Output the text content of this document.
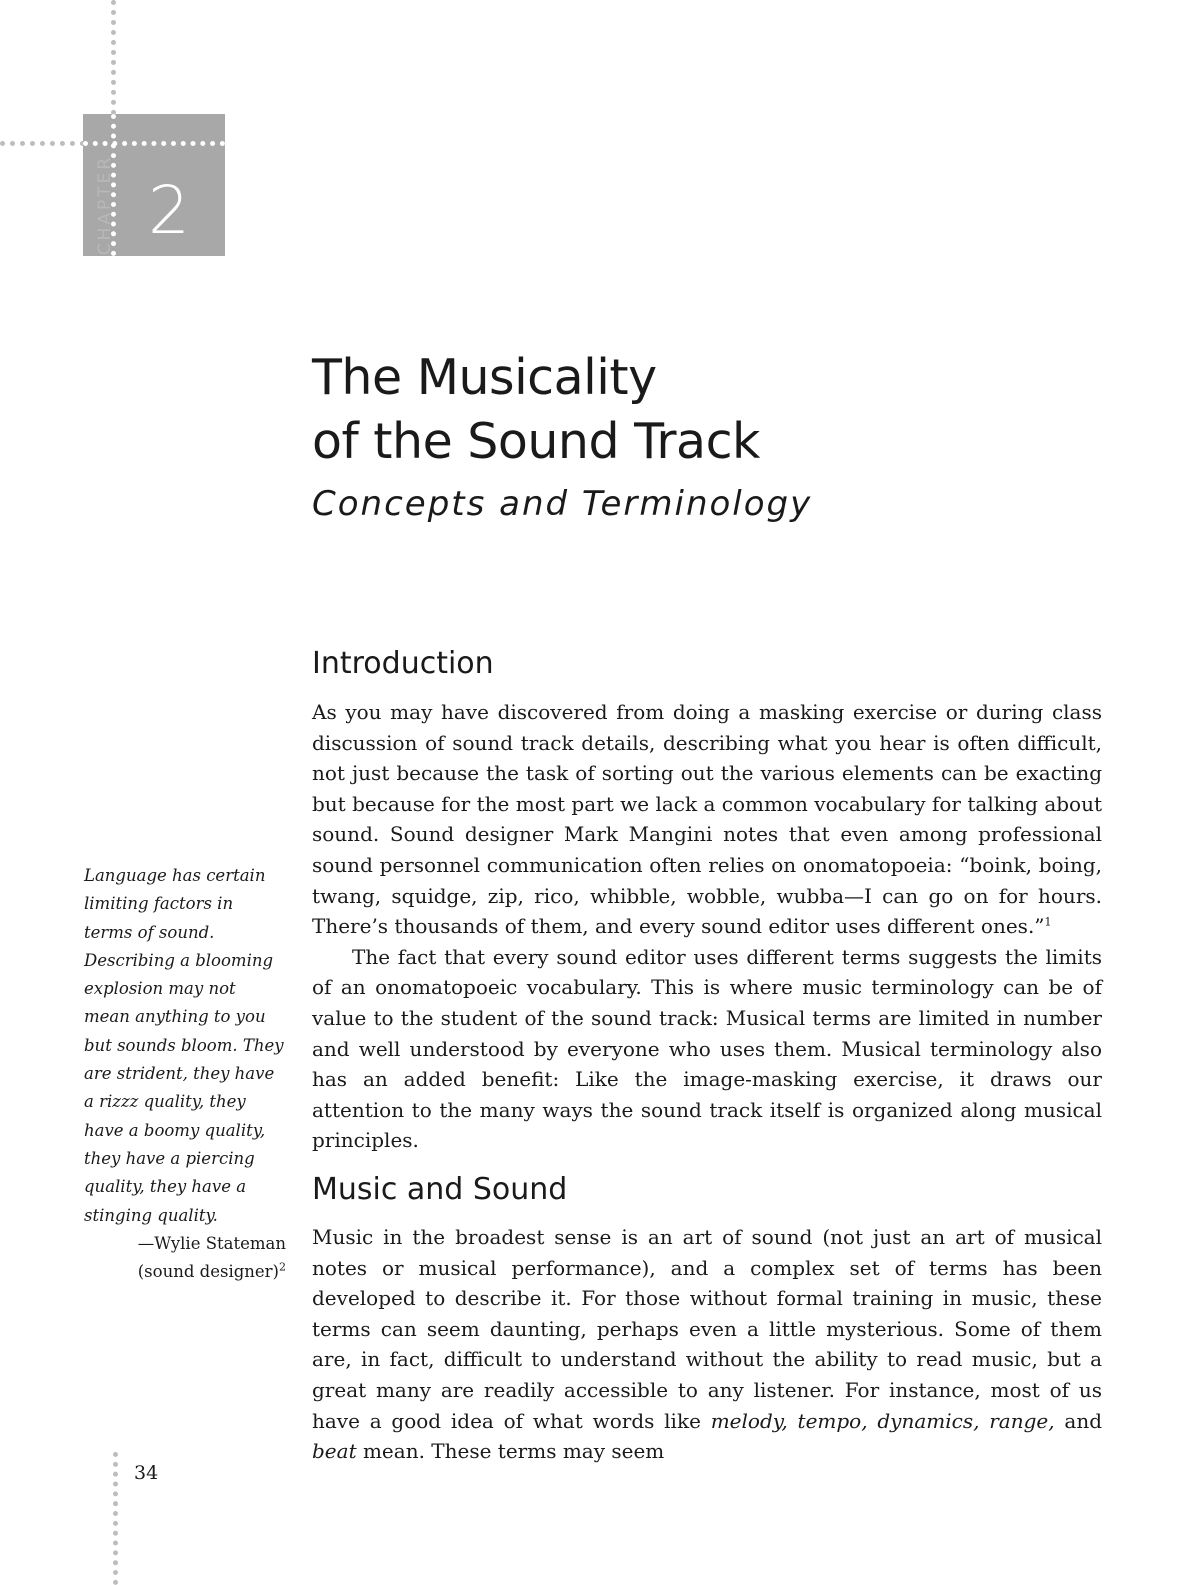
2
CHAPTER
The Musicality
of the Sound Track
Concepts and Terminology
Introduction

As you may have discovered from doing a masking exercise or during class discussion of sound track details, describing what you hear is often difficult, not just because the task of sorting out the various elements can be exacting but because for the most part we lack a common vocabulary for talking about sound. Sound designer Mark Mangini notes that even among professional sound personnel communication often relies on onomatopoeia: “boink, boing, twang, squidge, zip, rico, whibble, wobble, wubba—I can go on for hours. There’s thousands of them, and every sound editor uses different ones.”$^1$

The fact that every sound editor uses different terms suggests the limits of an onomatopoeic vocabulary. This is where music terminology can be of value to the student of the sound track: Musical terms are limited in number and well understood by everyone who uses them. Musical terminology also has an added benefit: Like the image-masking exercise, it draws our attention to the many ways the sound track itself is organized along musical principles.

Music and Sound

Music in the broadest sense is an art of sound (not just an art of musical notes or musical performance), and a complex set of terms has been developed to describe it. For those without formal training in music, these terms can seem daunting, perhaps even a little mysterious. Some of them are, in fact, difficult to understand without the ability to read music, but a great many are readily accessible to any listener. For instance, most of us have a good idea of what words like melody, tempo, dynamics, range, and beat mean. These terms may seem

Language has certain limiting factors in terms of sound. Describing a blooming explosion may not mean anything to you but sounds bloom. They are strident, they have a rizzz quality, they have a boomy quality, they have a piercing quality, they have a stinging quality.
—Wylie Stateman
(sound designer)$^2$
34
